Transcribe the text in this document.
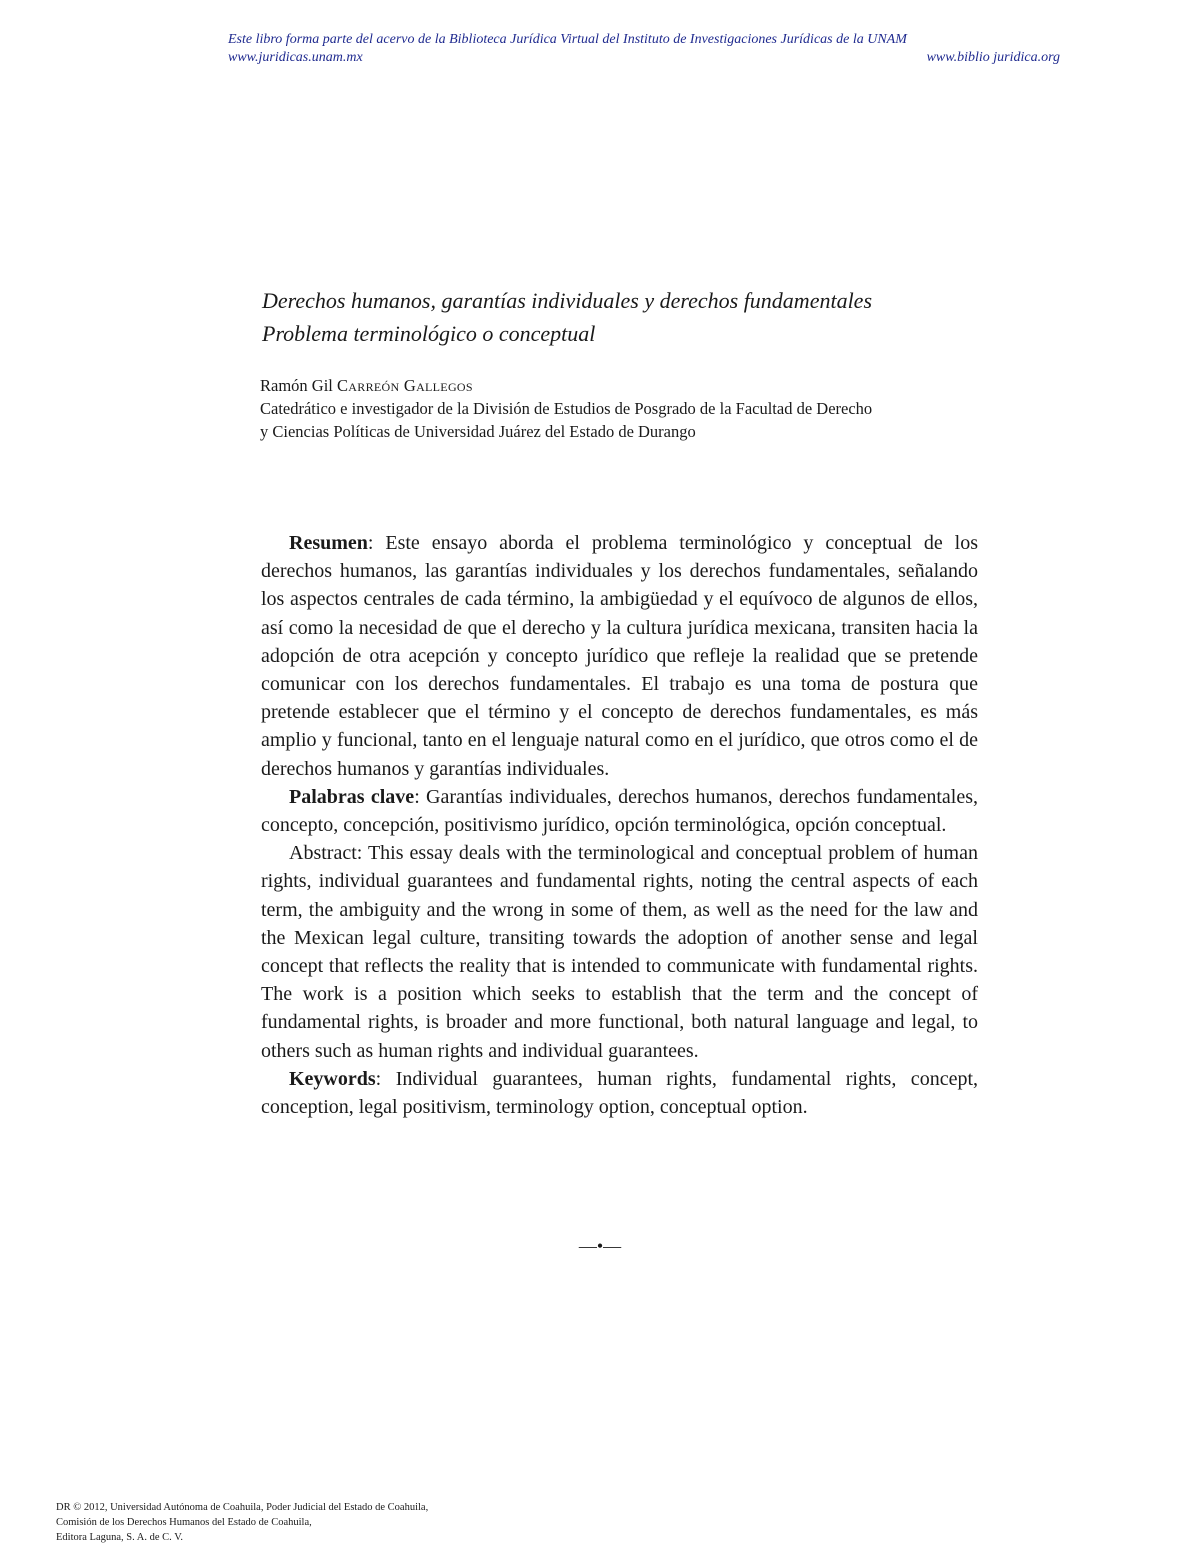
Este libro forma parte del acervo de la Biblioteca Jurídica Virtual del Instituto de Investigaciones Jurídicas de la UNAM
www.juridicas.unam.mx	www.biblio juridica.org
Derechos humanos, garantías individuales y derechos fundamentales
Problema terminológico o conceptual
Ramón Gil Carreón Gallegos
Catedrático e investigador de la División de Estudios de Posgrado de la Facultad de Derecho
y Ciencias Políticas de Universidad Juárez del Estado de Durango

Resumen: Este ensayo aborda el problema terminológico y conceptual de los derechos humanos, las garantías individuales y los derechos fundamentales, señalando los aspectos centrales de cada término, la ambigüedad y el equívoco de algunos de ellos, así como la necesidad de que el derecho y la cultura jurídica mexicana, transiten hacia la adopción de otra acepción y concepto jurídico que refleje la realidad que se pretende comunicar con los derechos fundamentales. El trabajo es una toma de postura que pretende establecer que el término y el concepto de derechos fundamentales, es más amplio y funcional, tanto en el lenguaje natural como en el jurídico, que otros como el de derechos humanos y garantías individuales.

Palabras clave: Garantías individuales, derechos humanos, derechos fundamentales, concepto, concepción, positivismo jurídico, opción terminológica, opción conceptual.

Abstract: This essay deals with the terminological and conceptual problem of human rights, individual guarantees and fundamental rights, noting the central aspects of each term, the ambiguity and the wrong in some of them, as well as the need for the law and the Mexican legal culture, transiting towards the adoption of another sense and legal concept that reflects the reality that is intended to communicate with fundamental rights. The work is a position which seeks to establish that the term and the concept of fundamental rights, is broader and more functional, both natural language and legal, to others such as human rights and individual guarantees.

Keywords: Individual guarantees, human rights, fundamental rights, concept, conception, legal positivism, terminology option, conceptual option.

—•—
DR © 2012, Universidad Autónoma de Coahuila, Poder Judicial del Estado de Coahuila,
Comisión de los Derechos Humanos del Estado de Coahuila,
Editora Laguna, S. A. de C. V.
